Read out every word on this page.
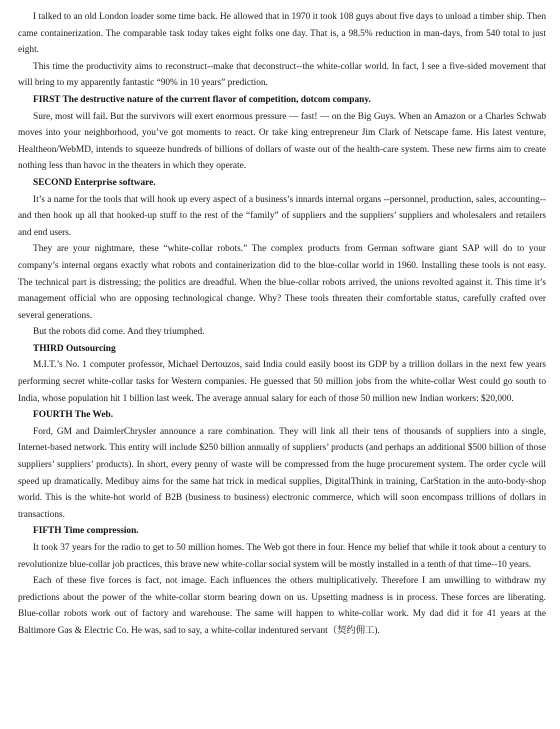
I talked to an old London loader some time back. He allowed that in 1970 it took 108 guys about five days to unload a timber ship. Then came containerization. The comparable task today takes eight folks one day. That is, a 98.5% reduction in man-days, from 540 total to just eight.

This time the productivity aims to reconstruct--make that deconstruct--the white-collar world. In fact, I see a five-sided movement that will bring to my apparently fantastic “90% in 10 years” prediction.

FIRST The destructive nature of the current flavor of competition, dotcom company.

Sure, most will fail. But the survivors will exert enormous pressure — fast! — on the Big Guys. When an Amazon or a Charles Schwab moves into your neighborhood, you’ve got moments to react. Or take king entrepreneur Jim Clark of Netscape fame. His latest venture, Healtheon/WebMD, intends to squeeze hundreds of billions of dollars of waste out of the health-care system. These new firms aim to create nothing less than havoc in the theaters in which they operate.

SECOND Enterprise software.

It’s a name for the tools that will hook up every aspect of a business’s innards internal organs --personnel, production, sales, accounting--and then hook up all that hooked-up stuff to the rest of the “family” of suppliers and the suppliers’ suppliers and wholesalers and retailers and end users.

They are your nightmare, these “white-collar robots.” The complex products from German software giant SAP will do to your company’s internal organs exactly what robots and containerization did to the blue-collar world in 1960. Installing these tools is not easy. The technical part is distressing; the politics are dreadful. When the blue-collar robots arrived, the unions revolted against it. This time it’s management official who are opposing technological change. Why? These tools threaten their comfortable status, carefully crafted over several generations.

But the robots did come. And they triumphed.

THIRD Outsourcing

M.I.T.’s No. 1 computer professor, Michael Dertouzos, said India could easily boost its GDP by a trillion dollars in the next few years performing secret white-collar tasks for Western companies. He guessed that 50 million jobs from the white-collar West could go south to India, whose population hit 1 billion last week. The average annual salary for each of those 50 million new Indian workers: $20,000.

FOURTH The Web.

Ford, GM and DaimlerChrysler announce a rare combination. They will link all their tens of thousands of suppliers into a single, Internet-based network. This entity will include $250 billion annually of suppliers’ products (and perhaps an additional $500 billion of those suppliers’ suppliers’ products). In short, every penny of waste will be compressed from the huge procurement system. The order cycle will speed up dramatically. Medibuy aims for the same hat trick in medical supplies, DigitalThink in training, CarStation in the auto-body-shop world. This is the white-hot world of B2B (business to business) electronic commerce, which will soon encompass trillions of dollars in transactions.

FIFTH Time compression.

It took 37 years for the radio to get to 50 million homes. The Web got there in four. Hence my belief that while it took about a century to revolutionize blue-collar job practices, this brave new white-collar social system will be mostly installed in a tenth of that time--10 years.

Each of these five forces is fact, not image. Each influences the others multiplicatively. Therefore I am unwilling to withdraw my predictions about the power of the white-collar storm bearing down on us. Upsetting madness is in process. These forces are liberating. Blue-collar robots work out of factory and warehouse. The same will happen to white-collar work. My dad did it for 41 years at the Baltimore Gas & Electric Co. He was, sad to say, a white-collar indentured servant（契约佣工).
